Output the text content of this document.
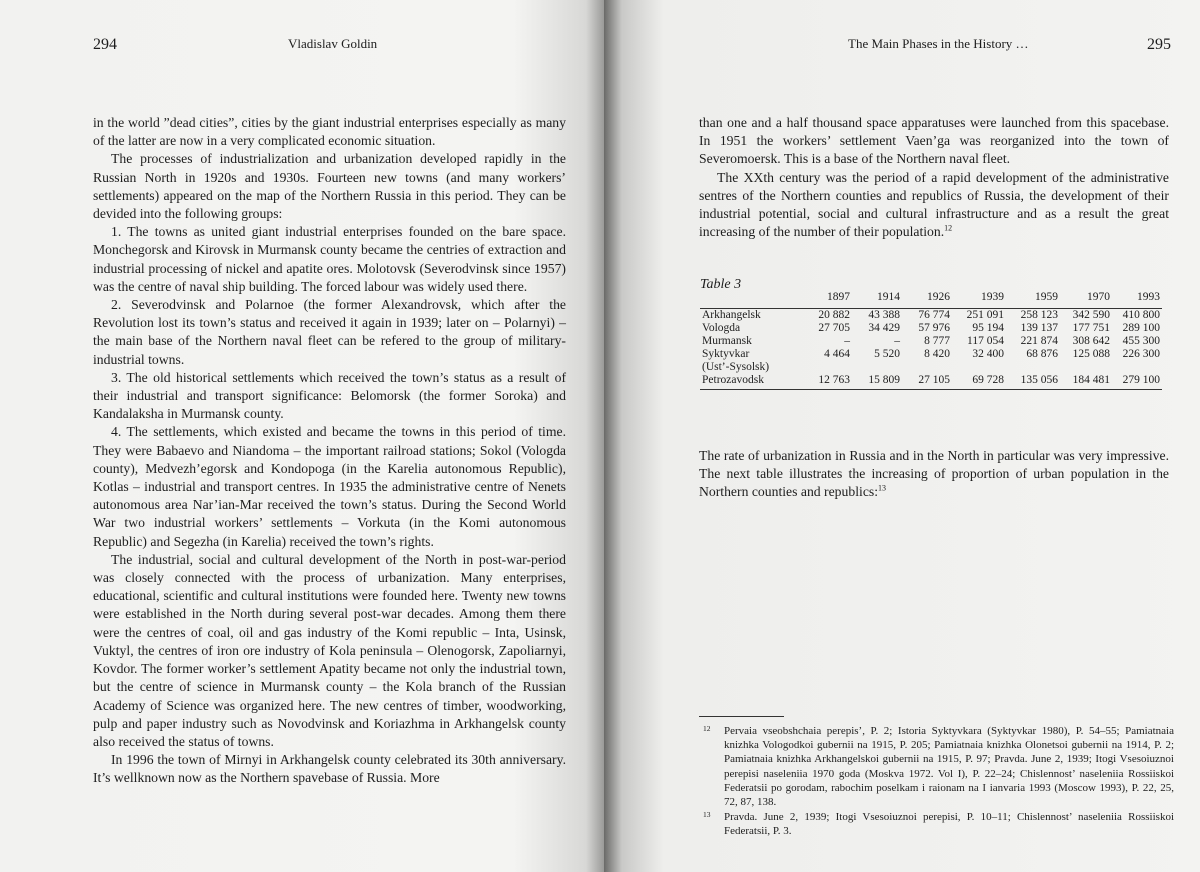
294	Vladislav Goldin

in the world ”dead cities”, cities by the giant industrial enterprises especially as many of the latter are now in a very complicated economic situation.

The processes of industrialization and urbanization developed rapidly in the Russian North in 1920s and 1930s. Fourteen new towns (and many workers’ settlements) appeared on the map of the Northern Russia in this period. They can be devided into the following groups:

1. The towns as united giant industrial enterprises founded on the bare space. Monchegorsk and Kirovsk in Murmansk county became the centries of extraction and industrial processing of nickel and apatite ores. Molotovsk (Severodvinsk since 1957) was the centre of naval ship building. The forced labour was widely used there.

2. Severodvinsk and Polarnoe (the former Alexandrovsk, which after the Revolution lost its town’s status and received it again in 1939; later on – Polarnyi) – the main base of the Northern naval fleet can be refered to the group of military-industrial towns.

3. The old historical settlements which received the town’s status as a result of their industrial and transport significance: Belomorsk (the former Soroka) and Kandalaksha in Murmansk county.

4. The settlements, which existed and became the towns in this period of time. They were Babaevo and Niandoma – the important railroad stations; Sokol (Vologda county), Medvezh’egorsk and Kondopoga (in the Karelia autonomous Republic), Kotlas – industrial and transport centres. In 1935 the administrative centre of Nenets autonomous area Nar’ian-Mar received the town’s status. During the Second World War two industrial workers’ settlements – Vorkuta (in the Komi autonomous Republic) and Segezha (in Karelia) received the town’s rights.

The industrial, social and cultural development of the North in post-war-period was closely connected with the process of urbanization. Many enterprises, educational, scientific and cultural institutions were founded here. Twenty new towns were established in the North during several post-war decades. Among them there were the centres of coal, oil and gas industry of the Komi republic – Inta, Usinsk, Vuktyl, the centres of iron ore industry of Kola peninsula – Olenogorsk, Zapoliarnyi, Kovdor. The former worker’s settlement Apatity became not only the industrial town, but the centre of science in Murmansk county – the Kola branch of the Russian Academy of Science was organized here. The new centres of timber, woodworking, pulp and paper industry such as Novodvinsk and Koriazhma in Arkhangelsk county also received the status of towns.

In 1996 the town of Mirnyi in Arkhangelsk county celebrated its 30th anniversary. It’s wellknown now as the Northern spavebase of Russia. More

The Main Phases in the History …	295

than one and a half thousand space apparatuses were launched from this spacebase. In 1951 the workers’ settlement Vaen’ga was reorganized into the town of Severomoersk. This is a base of the Northern naval fleet.

The XXth century was the period of a rapid development of the administrative sentres of the Northern counties and republics of Russia, the development of their industrial potential, social and cultural infrastructure and as a result the great increasing of the number of their population.$^{12}$

Table 3
	1897	1914	1926	1939	1959	1970	1993
Arkhangelsk	20 882	43 388	76 774	251 091	258 123	342 590	410 800
Vologda	27 705	34 429	57 976	95 194	139 137	177 751	289 100
Murmansk	–	–	8 777	117 054	221 874	308 642	455 300
Syktyvkar	4 464	5 520	8 420	32 400	68 876	125 088	226 300
(Ust’-Sysolsk)							
Petrozavodsk	12 763	15 809	27 105	69 728	135 056	184 481	279 100

The rate of urbanization in Russia and in the North in particular was very impressive. The next table illustrates the increasing of proportion of urban population in the Northern counties and republics:$^{13}$

12 Pervaia vseobshchaia perepis’, P. 2; Istoria Syktyvkara (Syktyvkar 1980), P. 54–55; Pamiatnaia knizhka Vologodkoi gubernii na 1915, P. 205; Pamiatnaia knizhka Olonetsoi gubernii na 1914, P. 2; Pamiatnaia knizhka Arkhangelskoi gubernii na 1915, P. 97; Pravda. June 2, 1939; Itogi Vsesoiuznoi perepisi naseleniia 1970 goda (Moskva 1972. Vol I), P. 22–24; Chislennost’ naseleniia Rossiiskoi Federatsii po gorodam, rabochim poselkam i raionam na I ianvaria 1993 (Moscow 1993), P. 22, 25, 72, 87, 138.
13 Pravda. June 2, 1939; Itogi Vsesoiuznoi perepisi, P. 10–11; Chislennost’ naseleniia Rossiiskoi Federatsii, P. 3.
